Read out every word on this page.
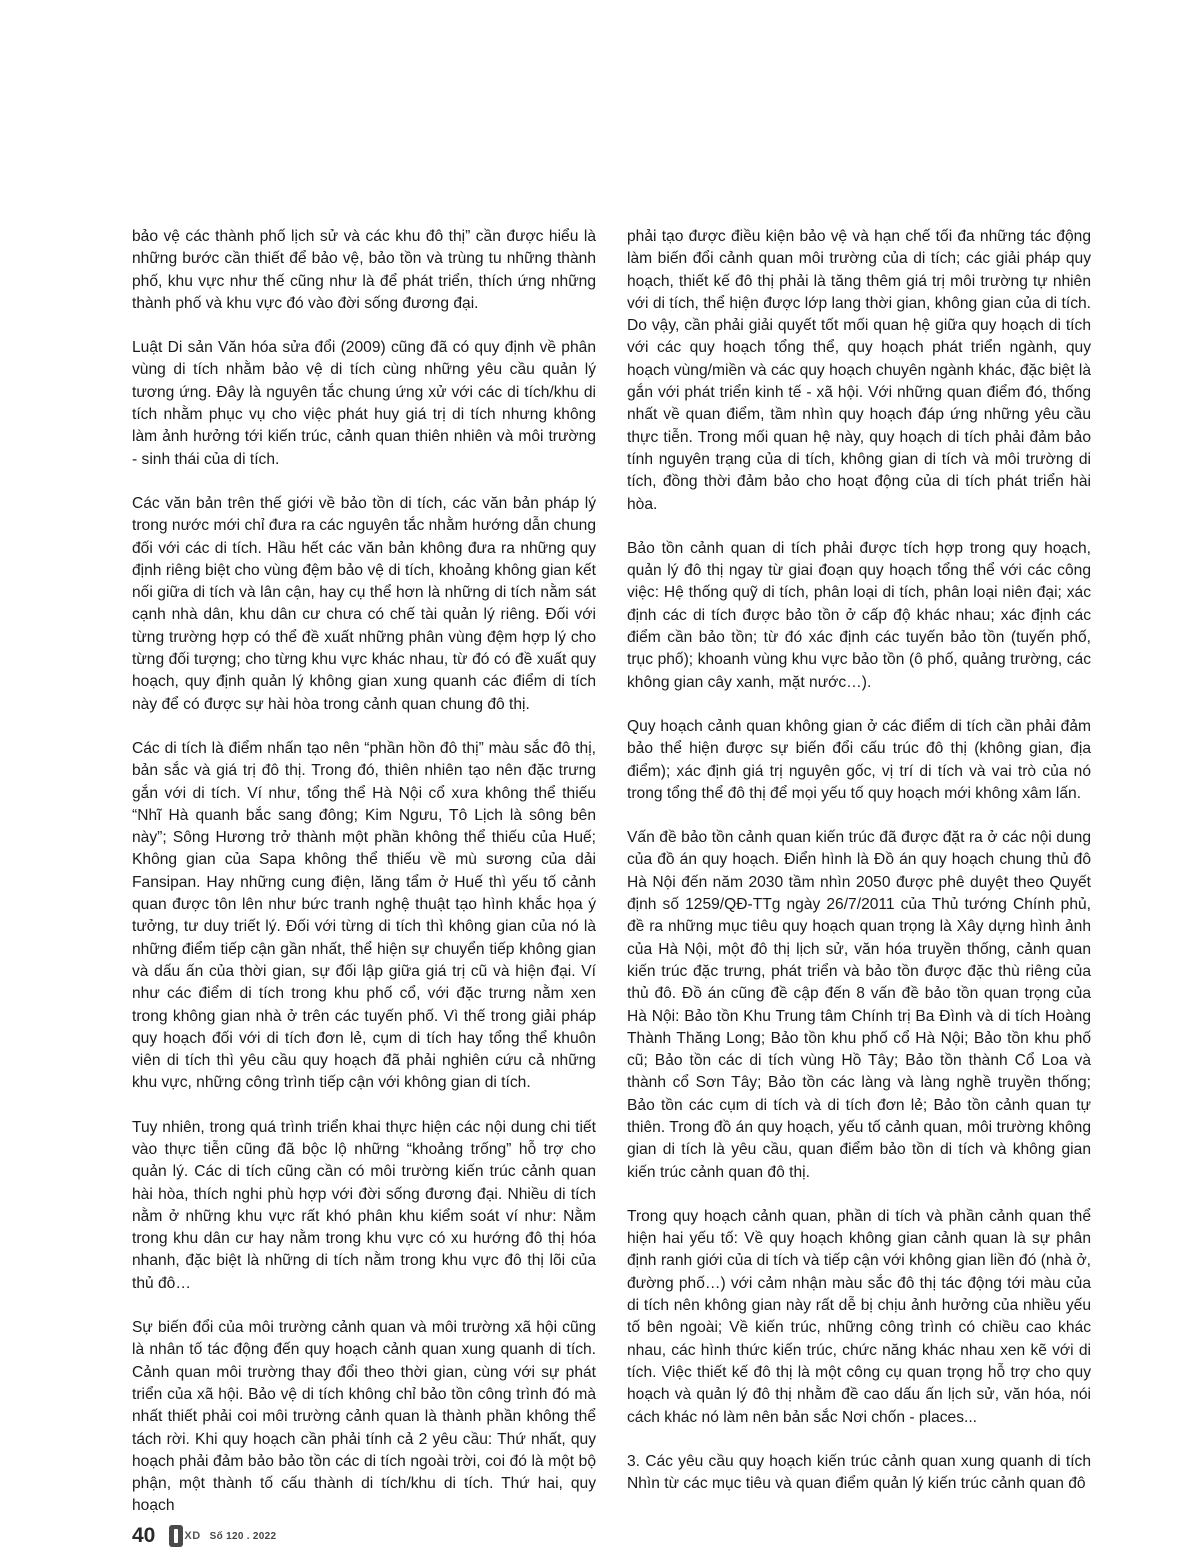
bảo vệ các thành phố lịch sử và các khu đô thị” cần được hiểu là những bước cần thiết để bảo vệ, bảo tồn và trùng tu những thành phố, khu vực như thế cũng như là để phát triển, thích ứng những thành phố và khu vực đó vào đời sống đương đại.

Luật Di sản Văn hóa sửa đổi (2009) cũng đã có quy định về phân vùng di tích nhằm bảo vệ di tích cùng những yêu cầu quản lý tương ứng. Đây là nguyên tắc chung ứng xử với các di tích/khu di tích nhằm phục vụ cho việc phát huy giá trị di tích nhưng không làm ảnh hưởng tới kiến trúc, cảnh quan thiên nhiên và môi trường - sinh thái của di tích.

Các văn bản trên thế giới về bảo tồn di tích, các văn bản pháp lý trong nước mới chỉ đưa ra các nguyên tắc nhằm hướng dẫn chung đối với các di tích. Hầu hết các văn bản không đưa ra những quy định riêng biệt cho vùng đệm bảo vệ di tích, khoảng không gian kết nối giữa di tích và lân cận, hay cụ thể hơn là những di tích nằm sát cạnh nhà dân, khu dân cư chưa có chế tài quản lý riêng. Đối với từng trường hợp có thể đề xuất những phân vùng đệm hợp lý cho từng đối tượng; cho từng khu vực khác nhau, từ đó có đề xuất quy hoạch, quy định quản lý không gian xung quanh các điểm di tích này để có được sự hài hòa trong cảnh quan chung đô thị.

Các di tích là điểm nhấn tạo nên “phần hồn đô thị” màu sắc đô thị, bản sắc và giá trị đô thị. Trong đó, thiên nhiên tạo nên đặc trưng gắn với di tích. Ví như, tổng thể Hà Nội cổ xưa không thể thiếu “Nhĩ Hà quanh bắc sang đông; Kim Ngưu, Tô Lịch là sông bên này”; Sông Hương trở thành một phần không thể thiếu của Huế; Không gian của Sapa không thể thiếu về mù sương của dải Fansipan. Hay những cung điện, lăng tẩm ở Huế thì yếu tố cảnh quan được tôn lên như bức tranh nghệ thuật tạo hình khắc họa ý tưởng, tư duy triết lý. Đối với từng di tích thì không gian của nó là những điểm tiếp cận gần nhất, thể hiện sự chuyển tiếp không gian và dấu ấn của thời gian, sự đối lập giữa giá trị cũ và hiện đại. Ví như các điểm di tích trong khu phố cổ, với đặc trưng nằm xen trong không gian nhà ở trên các tuyến phố. Vì thế trong giải pháp quy hoạch đối với di tích đơn lẻ, cụm di tích hay tổng thể khuôn viên di tích thì yêu cầu quy hoạch đã phải nghiên cứu cả những khu vực, những công trình tiếp cận với không gian di tích.

Tuy nhiên, trong quá trình triển khai thực hiện các nội dung chi tiết vào thực tiễn cũng đã bộc lộ những “khoảng trống” hỗ trợ cho quản lý. Các di tích cũng cần có môi trường kiến trúc cảnh quan hài hòa, thích nghi phù hợp với đời sống đương đại. Nhiều di tích nằm ở những khu vực rất khó phân khu kiểm soát ví như: Nằm trong khu dân cư hay nằm trong khu vực có xu hướng đô thị hóa nhanh, đặc biệt là những di tích nằm trong khu vực đô thị lõi của thủ đô…

Sự biến đổi của môi trường cảnh quan và môi trường xã hội cũng là nhân tố tác động đến quy hoạch cảnh quan xung quanh di tích. Cảnh quan môi trường thay đổi theo thời gian, cùng với sự phát triển của xã hội. Bảo vệ di tích không chỉ bảo tồn công trình đó mà nhất thiết phải coi môi trường cảnh quan là thành phần không thể tách rời. Khi quy hoạch cần phải tính cả 2 yêu cầu: Thứ nhất, quy hoạch phải đảm bảo bảo tồn các di tích ngoài trời, coi đó là một bộ phận, một thành tố cấu thành di tích/khu di tích. Thứ hai, quy hoạch

phải tạo được điều kiện bảo vệ và hạn chế tối đa những tác động làm biến đổi cảnh quan môi trường của di tích; các giải pháp quy hoạch, thiết kế đô thị phải là tăng thêm giá trị môi trường tự nhiên với di tích, thể hiện được lớp lang thời gian, không gian của di tích. Do vậy, cần phải giải quyết tốt mối quan hệ giữa quy hoạch di tích với các quy hoạch tổng thể, quy hoạch phát triển ngành, quy hoạch vùng/miền và các quy hoạch chuyên ngành khác, đặc biệt là gắn với phát triển kinh tế - xã hội. Với những quan điểm đó, thống nhất về quan điểm, tầm nhìn quy hoạch đáp ứng những yêu cầu thực tiễn. Trong mối quan hệ này, quy hoạch di tích phải đảm bảo tính nguyên trạng của di tích, không gian di tích và môi trường di tích, đồng thời đảm bảo cho hoạt động của di tích phát triển hài hòa.

Bảo tồn cảnh quan di tích phải được tích hợp trong quy hoạch, quản lý đô thị ngay từ giai đoạn quy hoạch tổng thể với các công việc: Hệ thống quỹ di tích, phân loại di tích, phân loại niên đại; xác định các di tích được bảo tồn ở cấp độ khác nhau; xác định các điểm cần bảo tồn; từ đó xác định các tuyến bảo tồn (tuyến phố, trục phố); khoanh vùng khu vực bảo tồn (ô phố, quảng trường, các không gian cây xanh, mặt nước…).

Quy hoạch cảnh quan không gian ở các điểm di tích cần phải đảm bảo thể hiện được sự biến đổi cấu trúc đô thị (không gian, địa điểm); xác định giá trị nguyên gốc, vị trí di tích và vai trò của nó trong tổng thể đô thị để mọi yếu tố quy hoạch mới không xâm lấn.

Vấn đề bảo tồn cảnh quan kiến trúc đã được đặt ra ở các nội dung của đồ án quy hoạch. Điển hình là Đồ án quy hoạch chung thủ đô Hà Nội đến năm 2030 tầm nhìn 2050 được phê duyệt theo Quyết định số 1259/QĐ-TTg ngày 26/7/2011 của Thủ tướng Chính phủ, đề ra những mục tiêu quy hoạch quan trọng là Xây dựng hình ảnh của Hà Nội, một đô thị lịch sử, văn hóa truyền thống, cảnh quan kiến trúc đặc trưng, phát triển và bảo tồn được đặc thù riêng của thủ đô. Đồ án cũng đề cập đến 8 vấn đề bảo tồn quan trọng của Hà Nội: Bảo tồn Khu Trung tâm Chính trị Ba Đình và di tích Hoàng Thành Thăng Long; Bảo tồn khu phố cổ Hà Nội; Bảo tồn khu phố cũ; Bảo tồn các di tích vùng Hồ Tây; Bảo tồn thành Cổ Loa và thành cổ Sơn Tây; Bảo tồn các làng và làng nghề truyền thống; Bảo tồn các cụm di tích và di tích đơn lẻ; Bảo tồn cảnh quan tự thiên. Trong đồ án quy hoạch, yếu tố cảnh quan, môi trường không gian di tích là yêu cầu, quan điểm bảo tồn di tích và không gian kiến trúc cảnh quan đô thị.

Trong quy hoạch cảnh quan, phần di tích và phần cảnh quan thể hiện hai yếu tố: Về quy hoạch không gian cảnh quan là sự phân định ranh giới của di tích và tiếp cận với không gian liền đó (nhà ở, đường phố…) với cảm nhận màu sắc đô thị tác động tới màu của di tích nên không gian này rất dễ bị chịu ảnh hưởng của nhiều yếu tố bên ngoài; Về kiến trúc, những công trình có chiều cao khác nhau, các hình thức kiến trúc, chức năng khác nhau xen kẽ với di tích. Việc thiết kế đô thị là một công cụ quan trọng hỗ trợ cho quy hoạch và quản lý đô thị nhằm đề cao dấu ấn lịch sử, văn hóa, nói cách khác nó làm nên bản sắc Nơi chốn - places...

3. Các yêu cầu quy hoạch kiến trúc cảnh quan xung quanh di tích Nhìn từ các mục tiêu và quan điểm quản lý kiến trúc cảnh quan đô

40	XD Số 120 . 2022
